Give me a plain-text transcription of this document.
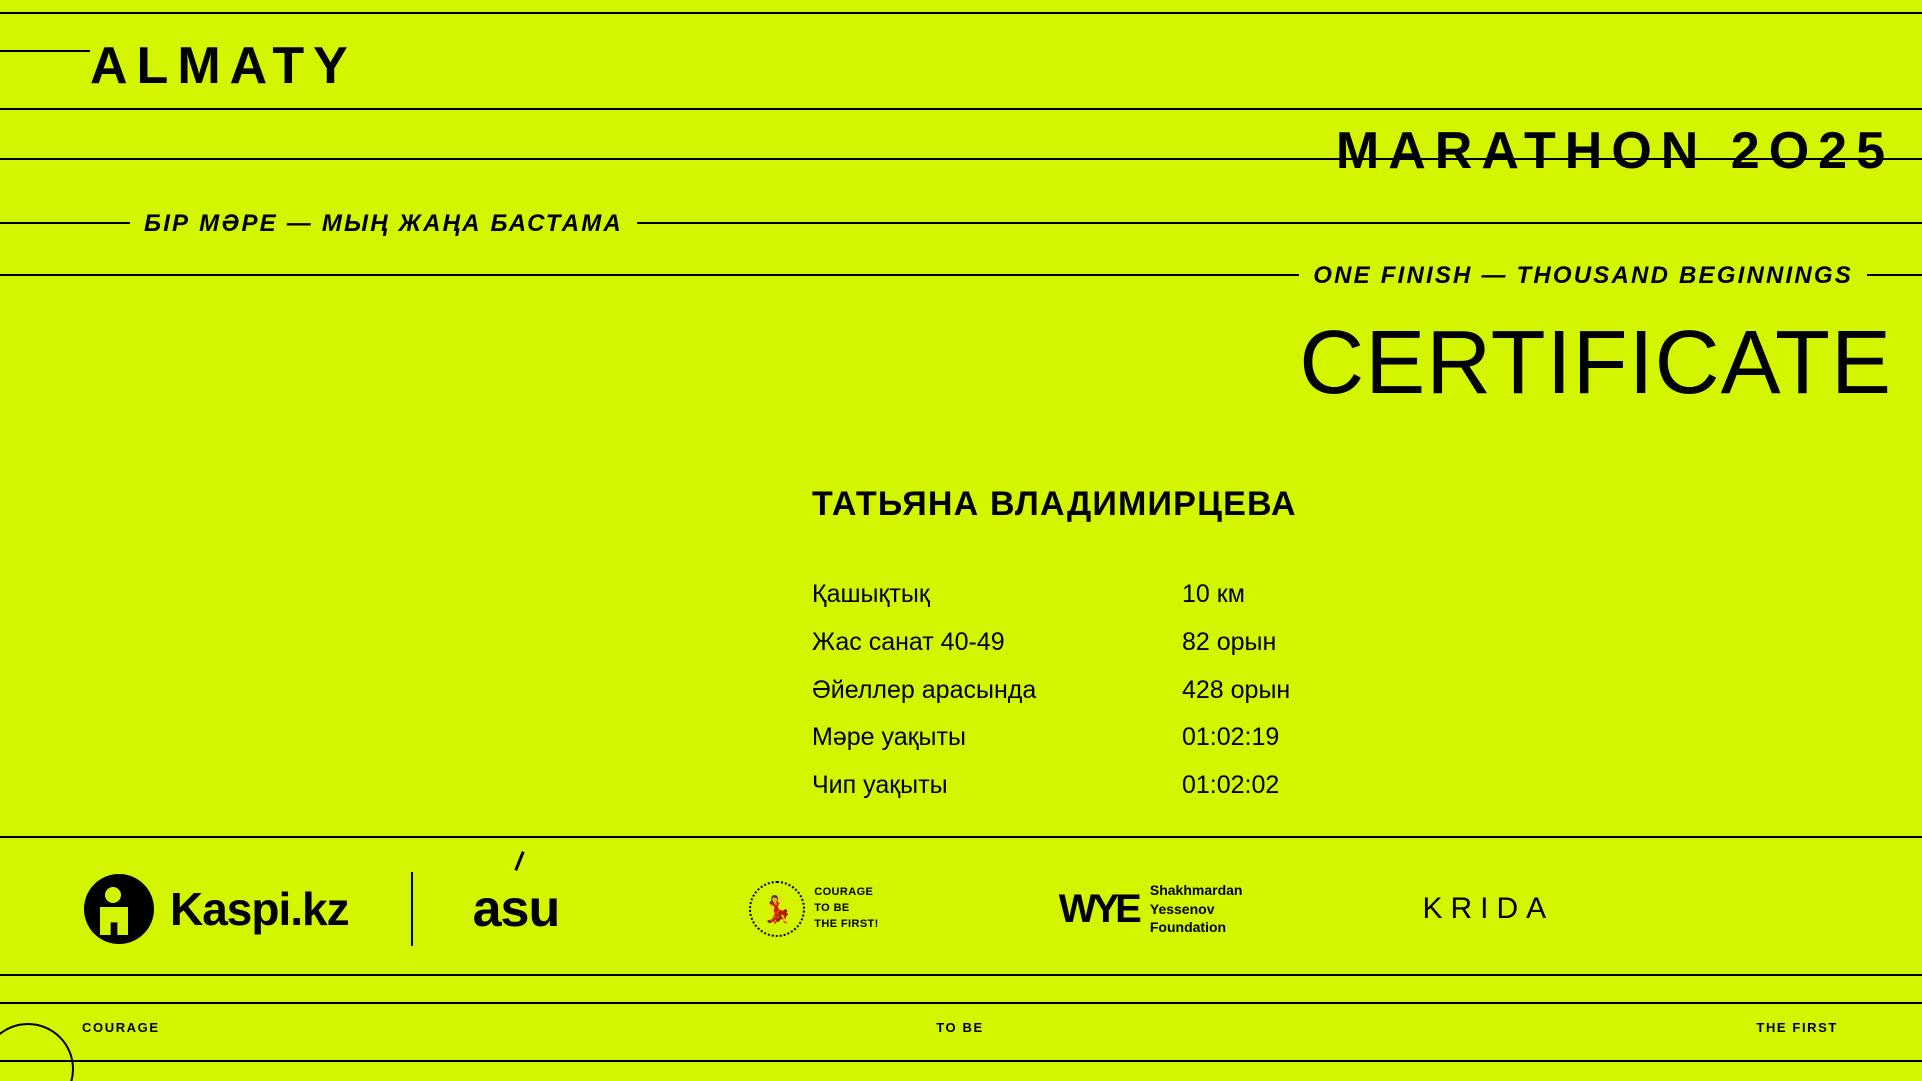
ALMATY
MARATHON 2O25
БІР МӘРЕ — МЫҢ ЖАҢА БАСТАМА
ONE FINISH — THOUSAND BEGINNINGS
CERTIFICATE
ТАТЬЯНА ВЛАДИМИРЦЕВА
Қашықтық	10 км
Жас санат 40-49	82 орын
Әйеллер арасында	428 орын
Мәре уақыты	01:02:19
Чип уақыты	01:02:02
Kaspi.kz asu	💃
COURAGE
TO BE
THE FIRST!	WYE Shakhmardan
Yessenov
Foundation
KRIDA
COURAGE	TO BE	THE FIRST
